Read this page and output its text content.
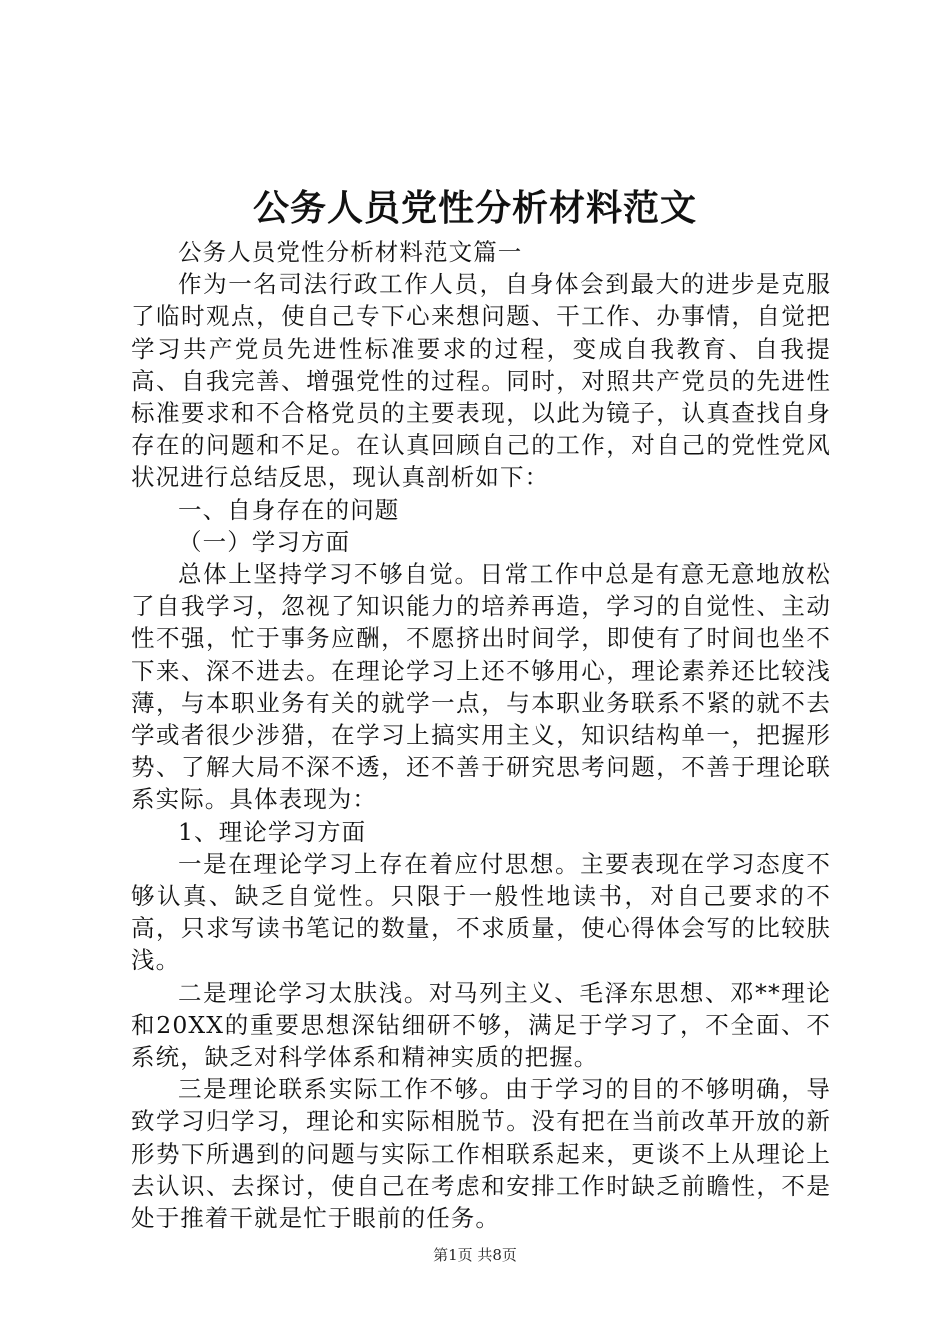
公务人员党性分析材料范文

公务人员党性分析材料范文篇一

作为一名司法行政工作人员，自身体会到最大的进步是克服了临时观点，使自己专下心来想问题、干工作、办事情，自觉把学习共产党员先进性标准要求的过程，变成自我教育、自我提高、自我完善、增强党性的过程。同时，对照共产党员的先进性标准要求和不合格党员的主要表现，以此为镜子，认真查找自身存在的问题和不足。在认真回顾自己的工作，对自己的党性党风状况进行总结反思，现认真剖析如下：

一、自身存在的问题

（一）学习方面

总体上坚持学习不够自觉。日常工作中总是有意无意地放松了自我学习，忽视了知识能力的培养再造，学习的自觉性、主动性不强，忙于事务应酬，不愿挤出时间学，即使有了时间也坐不下来、深不进去。在理论学习上还不够用心，理论素养还比较浅薄，与本职业务有关的就学一点，与本职业务联系不紧的就不去学或者很少涉猎，在学习上搞实用主义，知识结构单一，把握形势、了解大局不深不透，还不善于研究思考问题，不善于理论联系实际。具体表现为：

1、理论学习方面

一是在理论学习上存在着应付思想。主要表现在学习态度不够认真、缺乏自觉性。只限于一般性地读书，对自己要求的不高，只求写读书笔记的数量，不求质量，使心得体会写的比较肤浅。

二是理论学习太肤浅。对马列主义、毛泽东思想、邓**理论和20XX的重要思想深钻细研不够，满足于学习了，不全面、不系统，缺乏对科学体系和精神实质的把握。

三是理论联系实际工作不够。由于学习的目的不够明确，导致学习归学习，理论和实际相脱节。没有把在当前改革开放的新形势下所遇到的问题与实际工作相联系起来，更谈不上从理论上去认识、去探讨，使自己在考虑和安排工作时缺乏前瞻性，不是处于推着干就是忙于眼前的任务。

第1页 共8页
